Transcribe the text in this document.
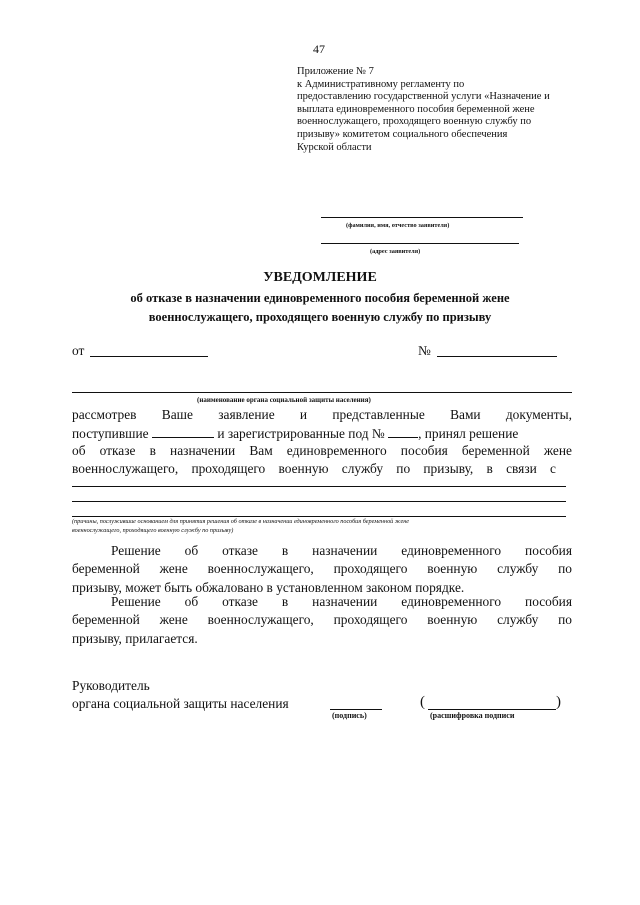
47
Приложение № 7
к Административному регламенту по
предоставлению государственной услуги «Назначение и
выплата единовременного пособия беременной жене
военнослужащего, проходящего военную службу по
призыву» комитетом социального обеспечения
Курской области
(фамилия, имя, отчество заявителя)
(адрес заявителя)
УВЕДОМЛЕНИЕ
об отказе в назначении единовременного пособия беременной жене
военнослужащего, проходящего военную службу по призыву
от	№
(наименование органа социальной защиты населения)
рассмотрев Ваше заявление и представленные Вами документы,
поступившие	и зарегистрированные под № , принял решение
об отказе в назначении Вам единовременного пособия беременной жене
военнослужащего, проходящего военную службу по призыву, в связи с
(причины, послужившие основанием для принятия решения об отказе в назначении единовременного пособия беременной жене
военнослужащего, проходящего военную службу по призыву)
Решение об отказе в назначении единовременного пособия
беременной жене военнослужащего, проходящего военную службу по
призыву, может быть обжаловано в установленном законом порядке.
Решение об отказе в назначении единовременного пособия
беременной жене военнослужащего, проходящего военную службу по
призыву, прилагается.
Руководитель
органа социальной защиты населения	(	)
(подпись)	(расшифровка подписи
